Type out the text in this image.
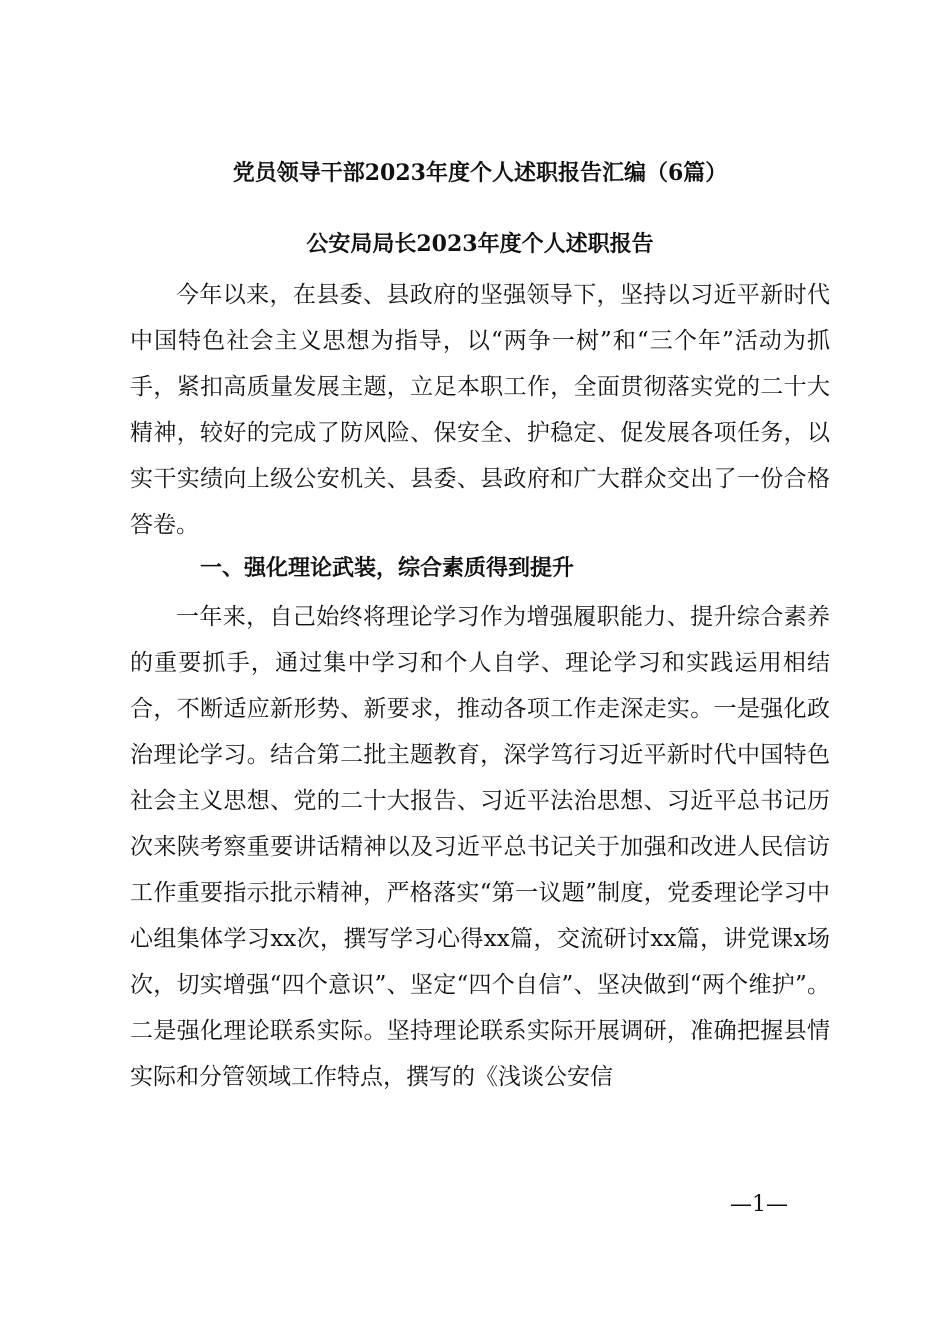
党员领导干部2023年度个人述职报告汇编（6篇）
公安局局长2023年度个人述职报告
今年以来，在县委、县政府的坚强领导下，坚持以习近平新时代中国特色社会主义思想为指导，以“两争一树”和“三个年”活动为抓手，紧扣高质量发展主题，立足本职工作，全面贯彻落实党的二十大精神，较好的完成了防风险、保安全、护稳定、促发展各项任务，以实干实绩向上级公安机关、县委、县政府和广大群众交出了一份合格答卷。
一、强化理论武装，综合素质得到提升
一年来，自己始终将理论学习作为增强履职能力、提升综合素养的重要抓手，通过集中学习和个人自学、理论学习和实践运用相结合，不断适应新形势、新要求，推动各项工作走深走实。一是强化政治理论学习。结合第二批主题教育，深学笃行习近平新时代中国特色社会主义思想、党的二十大报告、习近平法治思想、习近平总书记历次来陕考察重要讲话精神以及习近平总书记关于加强和改进人民信访工作重要指示批示精神，严格落实“第一议题”制度，党委理论学习中心组集体学习xx次，撰写学习心得xx篇，交流研讨xx篇，讲党课x场次，切实增强“四个意识”、坚定“四个自信”、坚决做到“两个维护”。二是强化理论联系实际。坚持理论联系实际开展调研，准确把握县情实际和分管领域工作特点，撰写的《浅谈公安信
—1—
